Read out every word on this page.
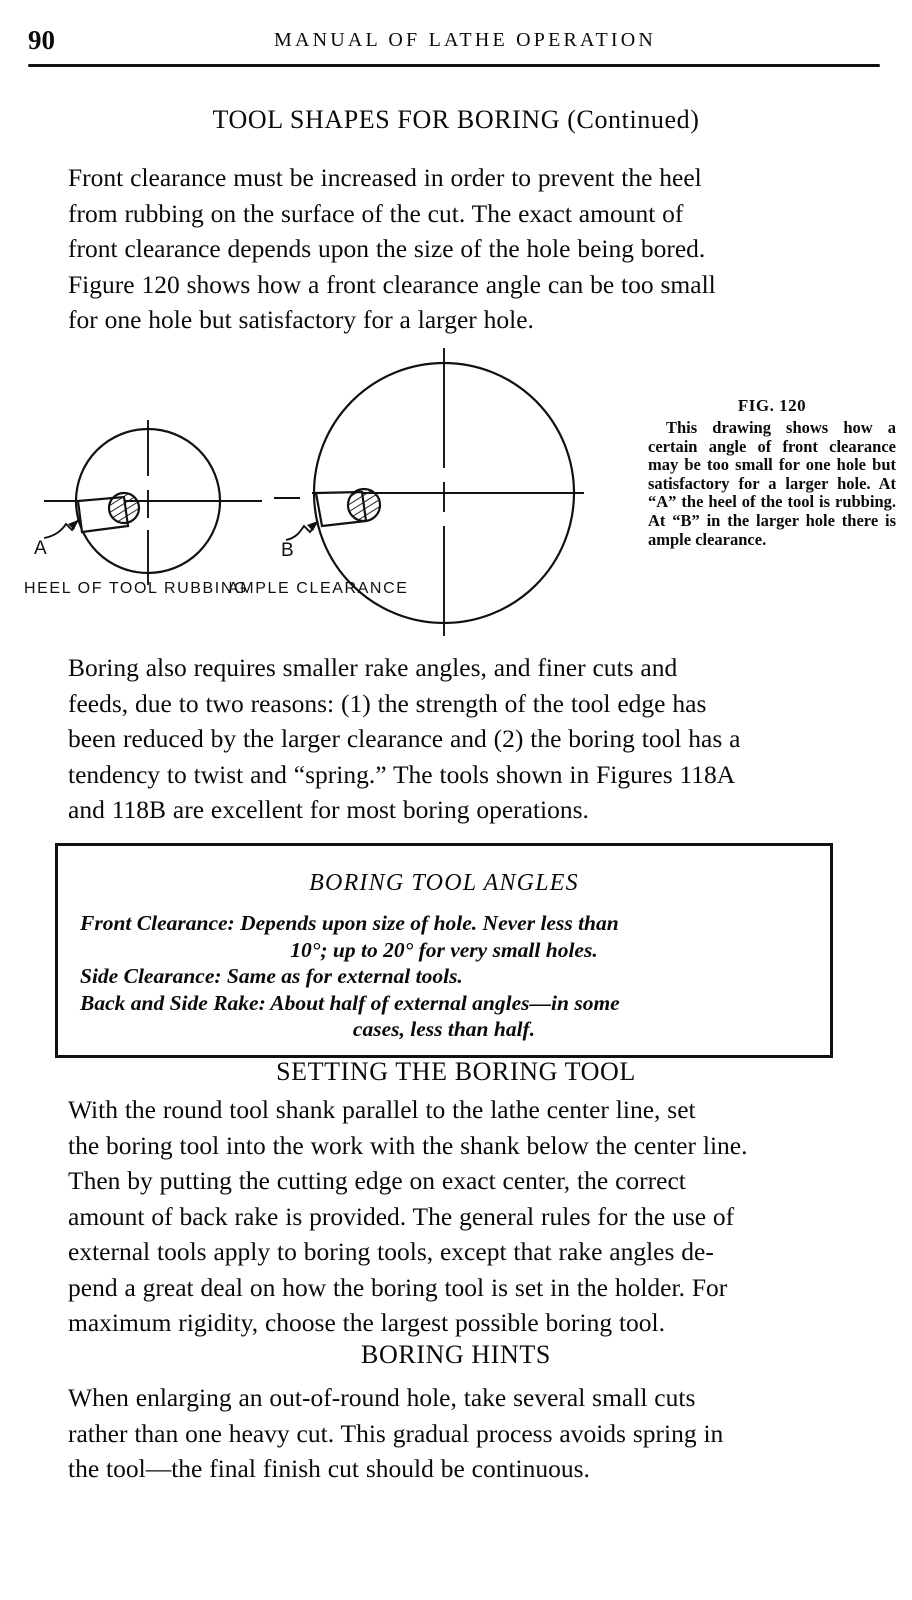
90	MANUAL OF LATHE OPERATION
TOOL SHAPES FOR BORING (Continued)
Front clearance must be increased in order to prevent the heel
from rubbing on the surface of the cut. The exact amount of
front clearance depends upon the size of the hole being bored.
Figure 120 shows how a front clearance angle can be too small
for one hole but satisfactory for a larger hole.
A	B
HEEL OF TOOL RUBBING
AMPLE CLEARANCE
FIG. 120
This drawing shows how a certain angle of front clearance may be too small for one hole but satisfactory for a larger hole. At “A” the heel of the tool is rubbing. At “B” in the larger hole there is ample clearance.
Boring also requires smaller rake angles, and finer cuts and
feeds, due to two reasons: (1) the strength of the tool edge has
been reduced by the larger clearance and (2) the boring tool has a
tendency to twist and “spring.” The tools shown in Figures 118A
and 118B are excellent for most boring operations.
BORING TOOL ANGLES
Front Clearance: Depends upon size of hole. Never less than
10°; up to 20° for very small holes.
Side Clearance: Same as for external tools.
Back and Side Rake: About half of external angles—in some
cases, less than half.
SETTING THE BORING TOOL
With the round tool shank parallel to the lathe center line, set
the boring tool into the work with the shank below the center line.
Then by putting the cutting edge on exact center, the correct
amount of back rake is provided. The general rules for the use of
external tools apply to boring tools, except that rake angles de-
pend a great deal on how the boring tool is set in the holder. For
maximum rigidity, choose the largest possible boring tool.
BORING HINTS
When enlarging an out-of-round hole, take several small cuts
rather than one heavy cut. This gradual process avoids spring in
the tool—the final finish cut should be continuous.
